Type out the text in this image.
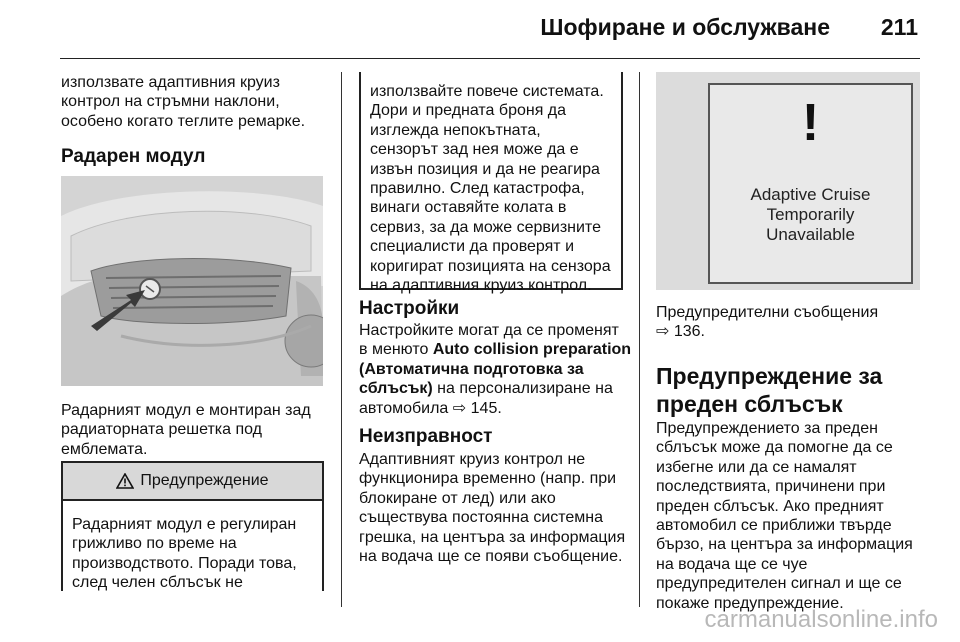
Шофиране и обслужване 211
използвате адаптивния круиз
контрол на стръмни наклони,
особено когато теглите ремарке.
Радарен модул
Радарният модул е монтиран зад
радиаторната решетка под
емблемата.
Предупреждение
Радарният модул е регулиран
грижливо по време на
производството. Поради това,
след челен сблъсък не
използвайте повече системата.
Дори и предната броня да
изглежда непокътната,
сензорът зад нея може да е
извън позиция и да не реагира
правилно. След катастрофа,
винаги оставяйте колата в
сервиз, за да може сервизните
специалисти да проверят и
коригират позицията на сензора
на адаптивния круиз контрол.
Настройки
Настройките могат да се променят
в менюто Auto collision preparation
(Автоматична подготовка за
сблъсък) на персонализиране на
автомобила ⇨ 145.
Неизправност
Адаптивният круиз контрол не
функционира временно (напр. при
блокиране от лед) или ако
съществува постоянна системна
грешка, на центъра за информация
на водача ще се появи съобщение.
!
Adaptive Cruise
Temporarily
Unavailable
Предупредителни съобщения
⇨ 136.
Предупреждение за
преден сблъсък
Предупреждението за преден
сблъсък може да помогне да се
избегне или да се намалят
последствията, причинени при
преден сблъсък. Ако предният
автомобил се приближи твърде
бързо, на центъра за информация
на водача ще се чуе
предупредителен сигнал и ще се
покаже предупреждение.
carmanualsonline.info
